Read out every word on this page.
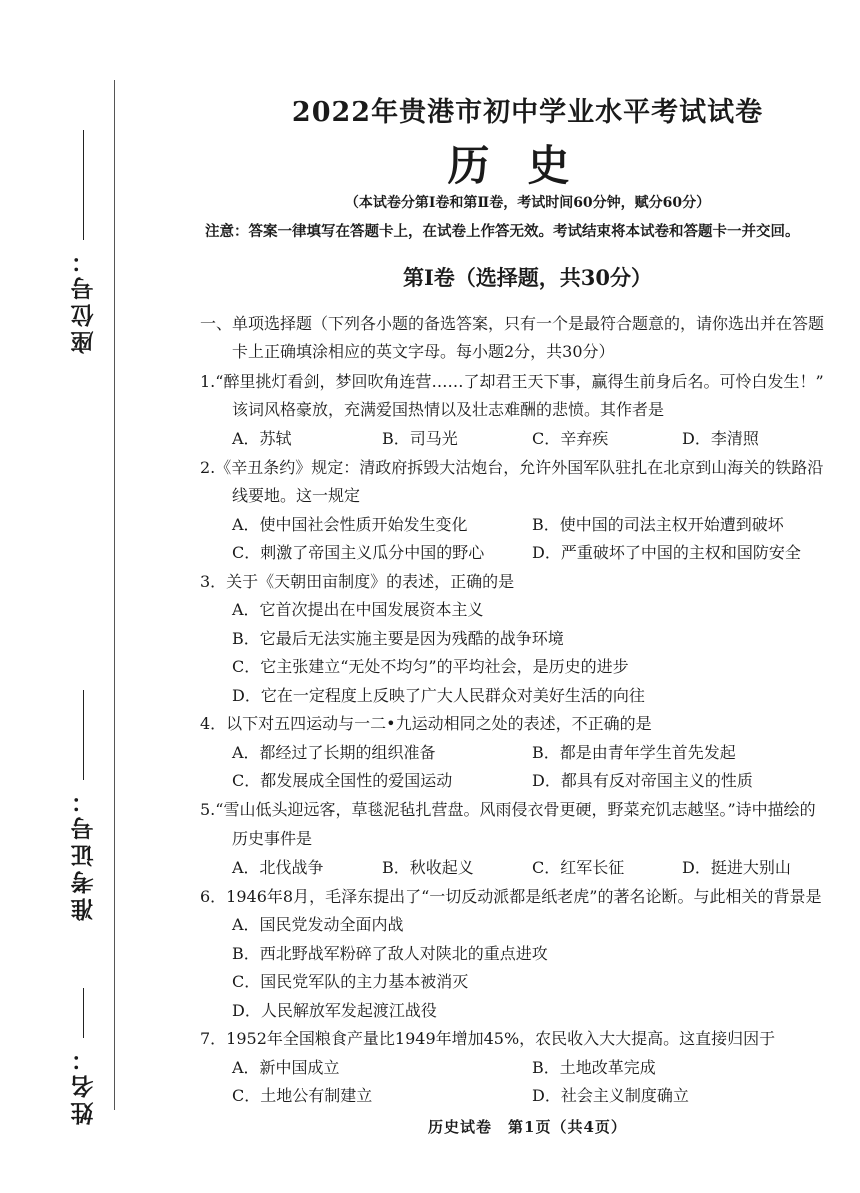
座位号：
准考证号：
姓名：
2022年贵港市初中学业水平考试试卷
历史
（本试卷分第Ⅰ卷和第Ⅱ卷，考试时间60分钟，赋分60分）
注意：答案一律填写在答题卡上，在试卷上作答无效。考试结束将本试卷和答题卡一并交回。
第Ⅰ卷（选择题，共30分）
一、单项选择题（下列各小题的备选答案，只有一个是最符合题意的，请你选出并在答题
卡上正确填涂相应的英文字母。每小题2分，共30分）
1.“醉里挑灯看剑，梦回吹角连营……了却君王天下事，赢得生前身后名。可怜白发生！”
该词风格豪放，充满爱国热情以及壮志难酬的悲愤。其作者是
A．苏轼	B．司马光	C．辛弃疾	D．李清照
2.《辛丑条约》规定：清政府拆毁大沽炮台，允许外国军队驻扎在北京到山海关的铁路沿
线要地。这一规定
A．使中国社会性质开始发生变化	B．使中国的司法主权开始遭到破坏
C．刺激了帝国主义瓜分中国的野心	D．严重破坏了中国的主权和国防安全
3．关于《天朝田亩制度》的表述，正确的是
A．它首次提出在中国发展资本主义
B．它最后无法实施主要是因为残酷的战争环境
C．它主张建立“无处不均匀”的平均社会，是历史的进步
D．它在一定程度上反映了广大人民群众对美好生活的向往
4．以下对五四运动与一二•九运动相同之处的表述，不正确的是
A．都经过了长期的组织准备	B．都是由青年学生首先发起
C．都发展成全国性的爱国运动	D．都具有反对帝国主义的性质
5.“雪山低头迎远客，草毯泥毡扎营盘。风雨侵衣骨更硬，野菜充饥志越坚。”诗中描绘的
历史事件是
A．北伐战争	B．秋收起义	C．红军长征	D．挺进大别山
6．1946年8月，毛泽东提出了“一切反动派都是纸老虎”的著名论断。与此相关的背景是
A．国民党发动全面内战
B．西北野战军粉碎了敌人对陕北的重点进攻
C．国民党军队的主力基本被消灭
D．人民解放军发起渡江战役
7．1952年全国粮食产量比1949年增加45%，农民收入大大提高。这直接归因于
A．新中国成立	B．土地改革完成
C．土地公有制建立	D．社会主义制度确立
历史试卷　第1页（共4页）
